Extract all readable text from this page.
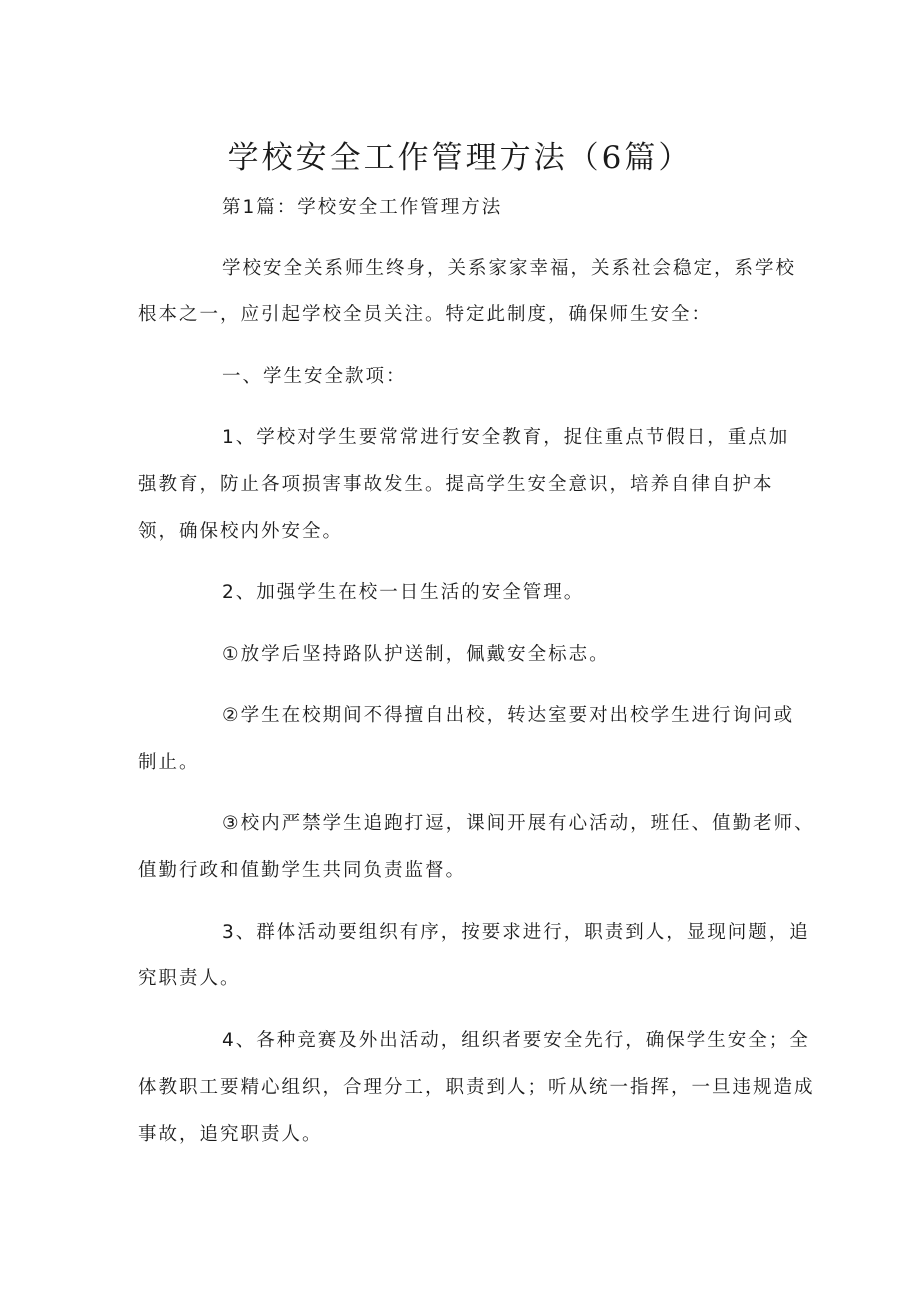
学校安全工作管理方法（6篇）
第1篇：学校安全工作管理方法
学校安全关系师生终身，关系家家幸福，关系社会稳定，系学校
根本之一，应引起学校全员关注。特定此制度，确保师生安全：
一、学生安全款项：
1、学校对学生要常常进行安全教育，捉住重点节假日，重点加
强教育，防止各项损害事故发生。提高学生安全意识，培养自律自护本
领，确保校内外安全。
2、加强学生在校一日生活的安全管理。
①放学后坚持路队护送制，佩戴安全标志。
②学生在校期间不得擅自出校，转达室要对出校学生进行询问或
制止。
③校内严禁学生追跑打逗，课间开展有心活动，班任、值勤老师、
值勤行政和值勤学生共同负责监督。
3、群体活动要组织有序，按要求进行，职责到人，显现问题，追
究职责人。
4、各种竞赛及外出活动，组织者要安全先行，确保学生安全；全
体教职工要精心组织，合理分工，职责到人；听从统一指挥，一旦违规造成
事故，追究职责人。
